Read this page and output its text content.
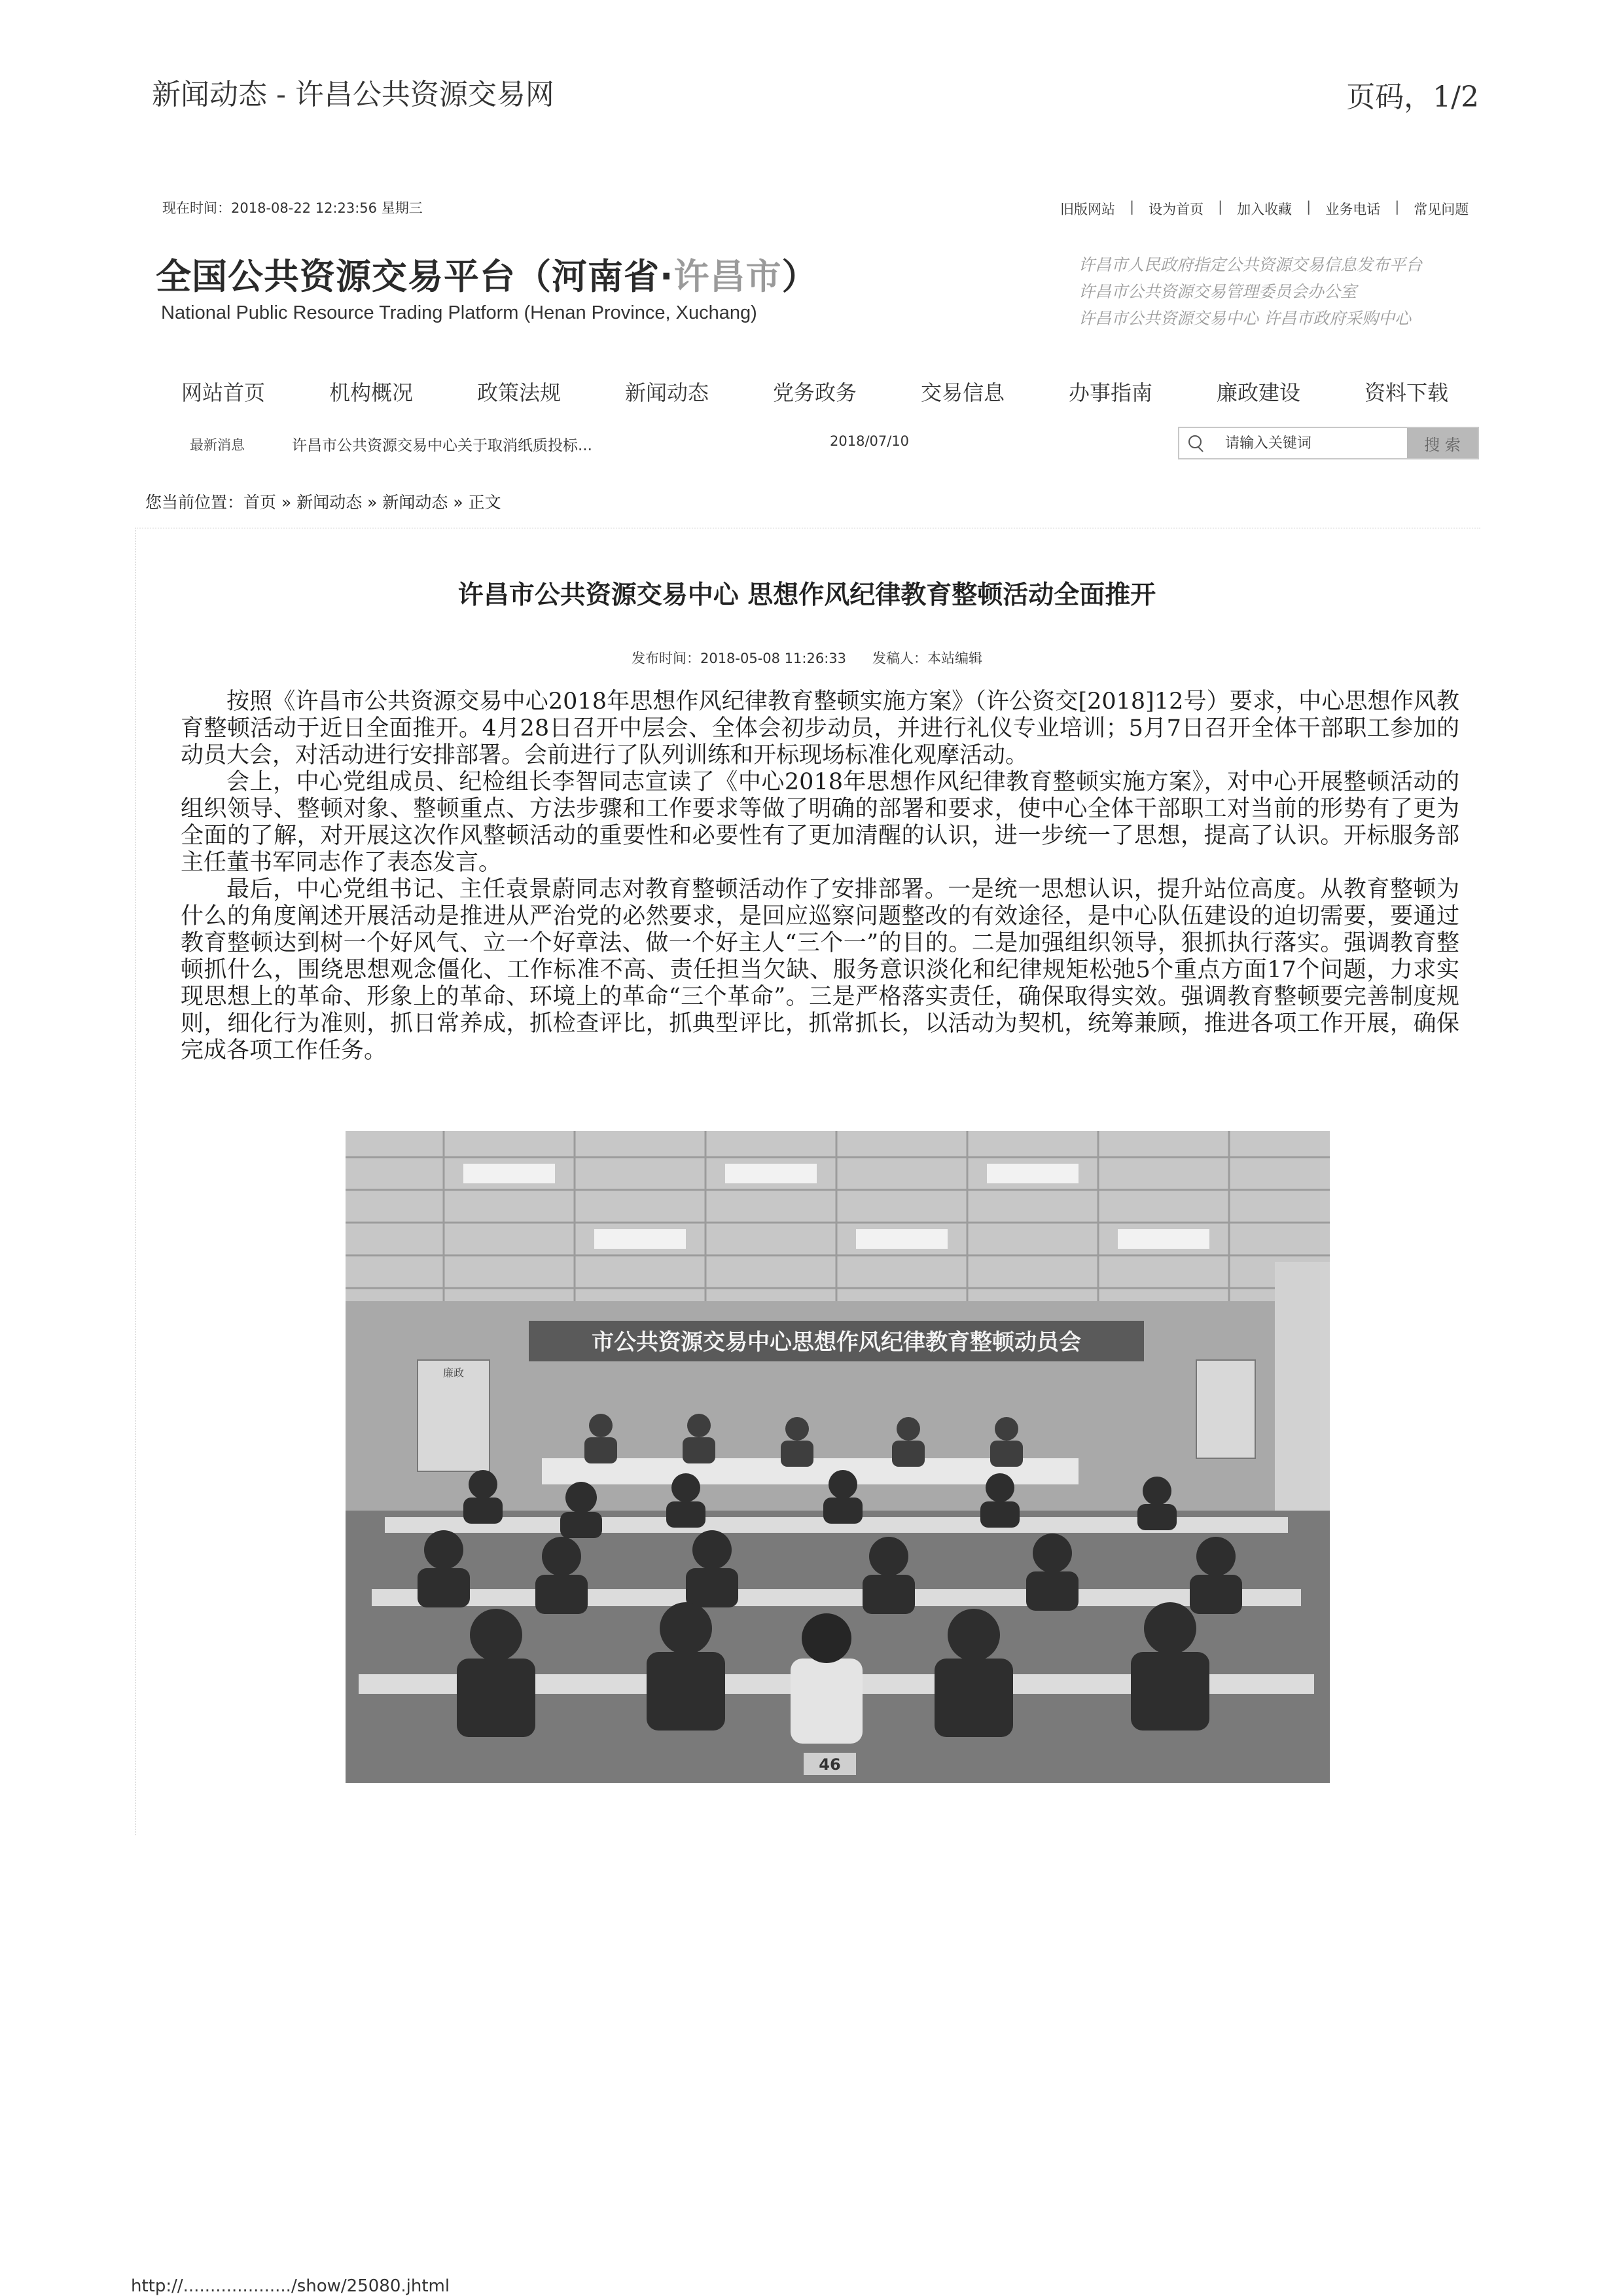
新闻动态 - 许昌公共资源交易网	页码，1/2
现在时间：2018-08-22 12:23:56 星期三	旧版网站 | 设为首页 | 加入收藏 | 业务电话 | 常见问题
全国公共资源交易平台（河南省·许昌市）
National Public Resource Trading Platform (Henan Province, Xuchang)
许昌市人民政府指定公共资源交易信息发布平台
许昌市公共资源交易管理委员会办公室
许昌市公共资源交易中心 许昌市政府采购中心
网站首页	机构概况	政策法规	新闻动态	党务政务	交易信息	办事指南	廉政建设	资料下载
最新消息	许昌市公共资源交易中心关于取消纸质投标...	2018/07/10
请输入关键词	搜 索
您当前位置：首页 » 新闻动态 » 新闻动态 » 正文
许昌市公共资源交易中心 思想作风纪律教育整顿活动全面推开
发布时间：2018-05-08 11:26:33 发稿人：本站编辑

按照《许昌市公共资源交易中心2018年思想作风纪律教育整顿实施方案》（许公资交[2018]12号）要求，中心思想作风教育整顿活动于近日全面推开。4月28日召开中层会、全体会初步动员，并进行礼仪专业培训；5月7日召开全体干部职工参加的动员大会，对活动进行安排部署。会前进行了队列训练和开标现场标准化观摩活动。

会上，中心党组成员、纪检组长李智同志宣读了《中心2018年思想作风纪律教育整顿实施方案》，对中心开展整顿活动的组织领导、整顿对象、整顿重点、方法步骤和工作要求等做了明确的部署和要求，使中心全体干部职工对当前的形势有了更为全面的了解，对开展这次作风整顿活动的重要性和必要性有了更加清醒的认识，进一步统一了思想，提高了认识。开标服务部主任董书军同志作了表态发言。

最后，中心党组书记、主任袁景蔚同志对教育整顿活动作了安排部署。一是统一思想认识，提升站位高度。从教育整顿为什么的角度阐述开展活动是推进从严治党的必然要求，是回应巡察问题整改的有效途径，是中心队伍建设的迫切需要，要通过教育整顿达到树一个好风气、立一个好章法、做一个好主人“三个一”的目的。二是加强组织领导，狠抓执行落实。强调教育整顿抓什么，围绕思想观念僵化、工作标准不高、责任担当欠缺、服务意识淡化和纪律规矩松弛5个重点方面17个问题，力求实现思想上的革命、形象上的革命、环境上的革命“三个革命”。三是严格落实责任，确保取得实效。强调教育整顿要完善制度规则，细化行为准则，抓日常养成，抓检查评比，抓典型评比，抓常抓长，以活动为契机，统筹兼顾，推进各项工作开展，确保完成各项工作任务。

市公共资源交易中心思想作风纪律教育整顿动员会
廉政
46
http://..................../show/25080.jhtml
